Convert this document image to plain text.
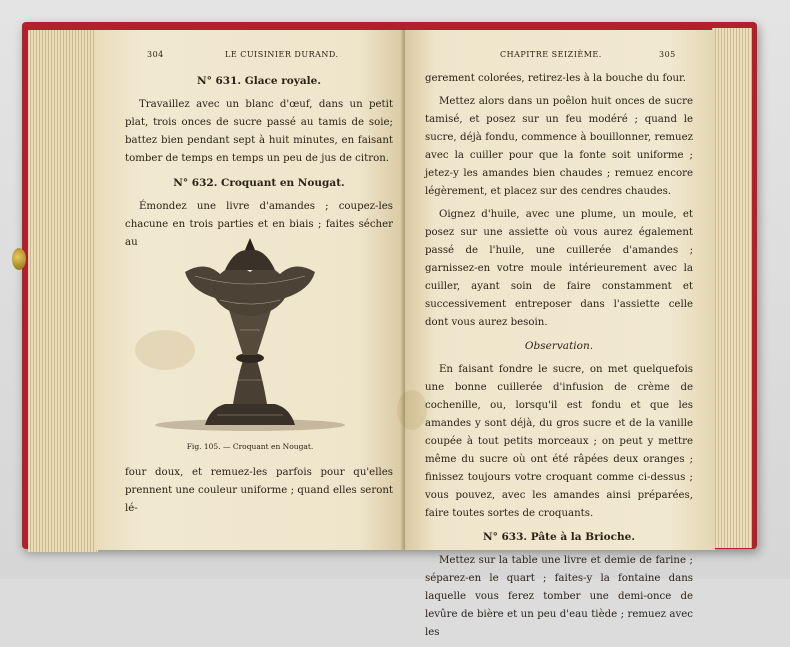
304	LE CUISINIER DURAND.
N° 631. Glace royale.

Travaillez avec un blanc d'œuf, dans un petit plat, trois onces de sucre passé au tamis de soie; battez bien pendant sept à huit minutes, en faisant tomber de temps en temps un peu de jus de citron.

N° 632. Croquant en Nougat.

Émondez une livre d'amandes ; coupez-les chacune en trois parties et en biais ; faites sécher au

Fig. 105. — Croquant en Nougat.

four doux, et remuez-les parfois pour qu'elles prennent une couleur uniforme ; quand elles seront lé-

CHAPITRE SEIZIÈME.	305

gerement colorées, retirez-les à la bouche du four.

Mettez alors dans un poêlon huit onces de sucre tamisé, et posez sur un feu modéré ; quand le sucre, déjà fondu, commence à bouillonner, remuez avec la cuiller pour que la fonte soit uniforme ; jetez-y les amandes bien chaudes ; remuez encore légèrement, et placez sur des cendres chaudes.

Oignez d'huile, avec une plume, un moule, et posez sur une assiette où vous aurez également passé de l'huile, une cuillerée d'amandes ; garnissez-en votre moule intérieurement avec la cuiller, ayant soin de faire constamment et successivement entreposer dans l'assiette celle dont vous aurez besoin.

Observation.

En faisant fondre le sucre, on met quelquefois une bonne cuillerée d'infusion de crème de cochenille, ou, lorsqu'il est fondu et que les amandes y sont déjà, du gros sucre et de la vanille coupée à tout petits morceaux ; on peut y mettre même du sucre où ont été râpées deux oranges ; finissez toujours votre croquant comme ci-dessus ; vous pouvez, avec les amandes ainsi préparées, faire toutes sortes de croquants.

N° 633. Pâte à la Brioche.

Mettez sur la table une livre et demie de farine ; séparez-en le quart ; faites-y la fontaine dans laquelle vous ferez tomber une demi-once de levûre de bière et un peu d'eau tiède ; remuez avec les
